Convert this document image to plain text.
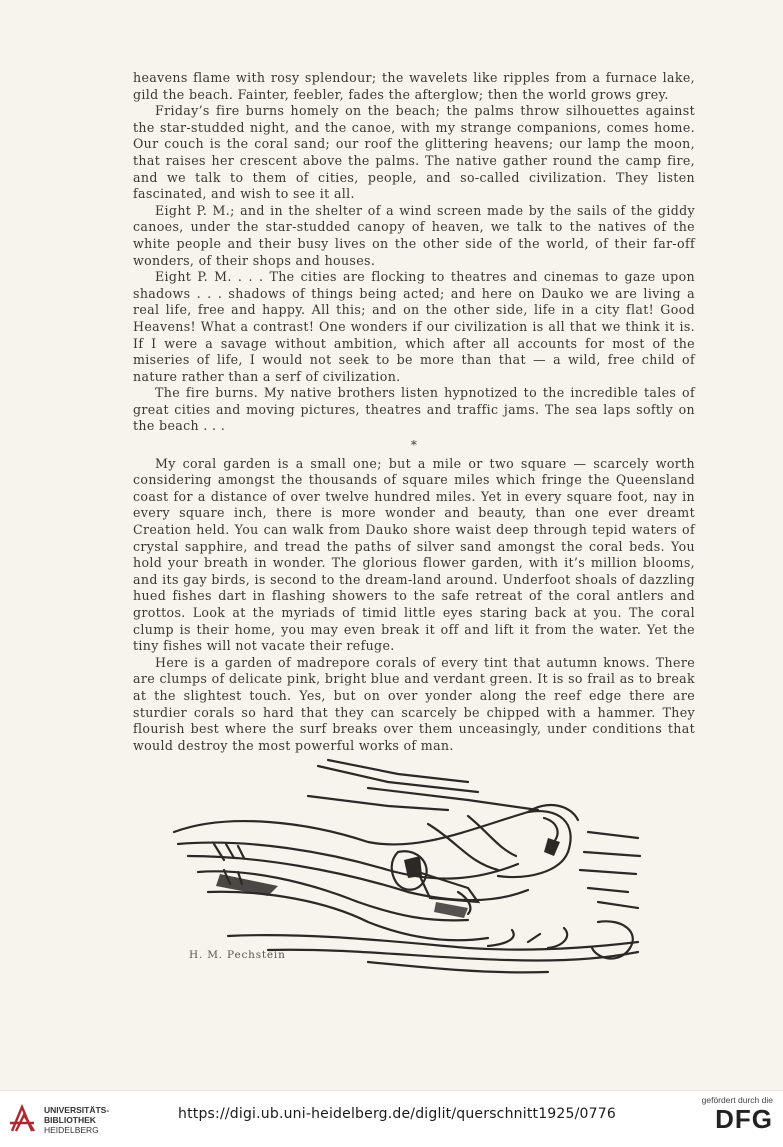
heavens flame with rosy splendour; the wavelets like ripples from a furnace lake, gild the beach. Fainter, feebler, fades the afterglow; then the world grows grey.

Friday’s fire burns homely on the beach; the palms throw silhouettes against the star-studded night, and the canoe, with my strange companions, comes home. Our couch is the coral sand; our roof the glittering heavens; our lamp the moon, that raises her crescent above the palms. The native gather round the camp fire, and we talk to them of cities, people, and so-called civilization. They listen fascinated, and wish to see it all.

Eight P. M.; and in the shelter of a wind screen made by the sails of the giddy canoes, under the star-studded canopy of heaven, we talk to the natives of the white people and their busy lives on the other side of the world, of their far-off wonders, of their shops and houses.

Eight P. M. . . . The cities are flocking to theatres and cinemas to gaze upon shadows . . . shadows of things being acted; and here on Dauko we are living a real life, free and happy. All this; and on the other side, life in a city flat! Good Heavens! What a contrast! One wonders if our civilization is all that we think it is. If I were a savage without ambition, which after all accounts for most of the miseries of life, I would not seek to be more than that — a wild, free child of nature rather than a serf of civilization.

The fire burns. My native brothers listen hypnotized to the incredible tales of great cities and moving pictures, theatres and traffic jams. The sea laps softly on the beach . . .

*

My coral garden is a small one; but a mile or two square — scarcely worth considering amongst the thousands of square miles which fringe the Queensland coast for a distance of over twelve hundred miles. Yet in every square foot, nay in every square inch, there is more wonder and beauty, than one ever dreamt Creation held. You can walk from Dauko shore waist deep through tepid waters of crystal sapphire, and tread the paths of silver sand amongst the coral beds. You hold your breath in wonder. The glorious flower garden, with it’s million blooms, and its gay birds, is second to the dream-land around. Underfoot shoals of dazzling hued fishes dart in flashing showers to the safe retreat of the coral antlers and grottos. Look at the myriads of timid little eyes staring back at you. The coral clump is their home, you may even break it off and lift it from the water. Yet the tiny fishes will not vacate their refuge.

Here is a garden of madrepore corals of every tint that autumn knows. There are clumps of delicate pink, bright blue and verdant green. It is so frail as to break at the slightest touch. Yes, but on over yonder along the reef edge there are sturdier corals so hard that they can scarcely be chipped with a hammer. They flourish best where the surf breaks over them unceasingly, under conditions that would destroy the most powerful works of man.

H. M. Pechstein
UNIVERSITÄTS-
BIBLIOTHEK
HEIDELBERG
https://digi.ub.uni-heidelberg.de/diglit/querschnitt1925/0776
gefördert durch die
DFG
